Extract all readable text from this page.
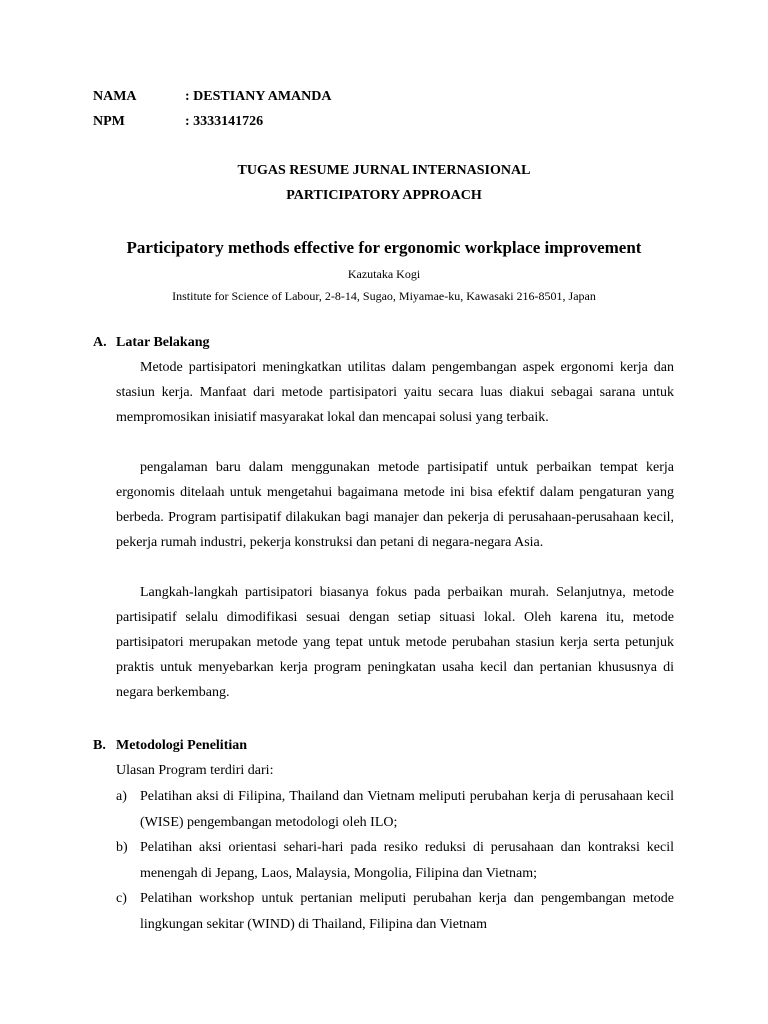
NAMA	: DESTIANY AMANDA
NPM	: 3333141726
TUGAS RESUME JURNAL INTERNASIONAL
PARTICIPATORY APPROACH
Participatory methods effective for ergonomic workplace improvement
Kazutaka Kogi
Institute for Science of Labour, 2-8-14, Sugao, Miyamae-ku, Kawasaki 216-8501, Japan
A. Latar Belakang

Metode partisipatori meningkatkan utilitas dalam pengembangan aspek ergonomi kerja dan stasiun kerja. Manfaat dari metode partisipatori yaitu secara luas diakui sebagai sarana untuk mempromosikan inisiatif masyarakat lokal dan mencapai solusi yang terbaik.

pengalaman baru dalam menggunakan metode partisipatif untuk perbaikan tempat kerja ergonomis ditelaah untuk mengetahui bagaimana metode ini bisa efektif dalam pengaturan yang berbeda. Program partisipatif dilakukan bagi manajer dan pekerja di perusahaan-perusahaan kecil, pekerja rumah industri, pekerja konstruksi dan petani di negara-negara Asia.

Langkah-langkah partisipatori biasanya fokus pada perbaikan murah. Selanjutnya, metode partisipatif selalu dimodifikasi sesuai dengan setiap situasi lokal. Oleh karena itu, metode partisipatori merupakan metode yang tepat untuk metode perubahan stasiun kerja serta petunjuk praktis untuk menyebarkan kerja program peningkatan usaha kecil dan pertanian khususnya di negara berkembang.

B. Metodologi Penelitian
Ulasan Program terdiri dari:
a) Pelatihan aksi di Filipina, Thailand dan Vietnam meliputi perubahan kerja di perusahaan kecil (WISE) pengembangan metodologi oleh ILO;
b) Pelatihan aksi orientasi sehari-hari pada resiko reduksi di perusahaan dan kontraksi kecil menengah di Jepang, Laos, Malaysia, Mongolia, Filipina dan Vietnam;
c) Pelatihan workshop untuk pertanian meliputi perubahan kerja dan pengembangan metode lingkungan sekitar (WIND) di Thailand, Filipina dan Vietnam
